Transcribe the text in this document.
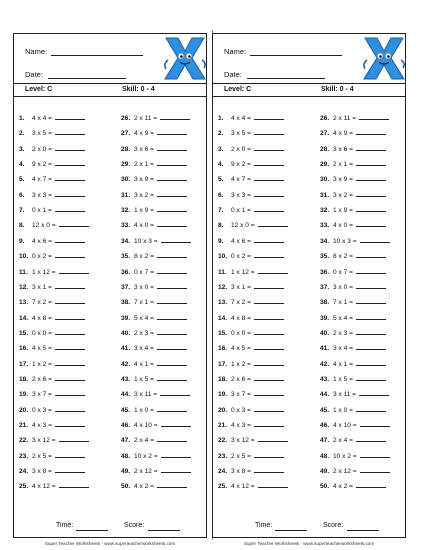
Name:
Date:
Level: C	Skill: 0 - 4
1. 4 x 4 =
2. 3 x 5 =
3. 2 x 0 =
4. 9 x 2 =
5. 4 x 7 =
6. 3 x 3 =
7. 0 x 1 =
8. 12 x 0 =
9. 4 x 6 =
10. 0 x 2 =
11. 1 x 12 =
12. 3 x 1 =
13. 7 x 2 =
14. 4 x 8 =
15. 0 x 0 =
16. 4 x 5 =
17. 1 x 2 =
18. 2 x 6 =
19. 3 x 7 =
20. 0 x 3 =
21. 4 x 3 =
22. 3 x 12 =
23. 2 x 5 =
24. 3 x 8 =
25. 4 x 12 =
26. 2 x 11 =
27. 4 x 9 =
28. 3 x 6 =
29. 2 x 1 =
30. 3 x 9 =
31. 3 x 2 =
32. 1 x 9 =
33. 4 x 0 =
34. 10 x 3 =
35. 8 x 2 =
36. 0 x 7 =
37. 3 x 0 =
38. 7 x 1 =
39. 5 x 4 =
40. 2 x 3 =
41. 3 x 4 =
42. 4 x 1 =
43. 1 x 5 =
44. 3 x 11 =
45. 1 x 0 =
46. 4 x 10 =
47. 2 x 4 =
48. 10 x 2 =
49. 2 x 12 =
50. 4 x 2 =
Time:	Score:
Super Teacher Worksheets - www.superteacherworksheets.com
Name:
Date:
Level: C	Skill: 0 - 4
1. 4 x 4 =
2. 3 x 5 =
3. 2 x 0 =
4. 9 x 2 =
5. 4 x 7 =
6. 3 x 3 =
7. 0 x 1 =
8. 12 x 0 =
9. 4 x 6 =
10. 0 x 2 =
11. 1 x 12 =
12. 3 x 1 =
13. 7 x 2 =
14. 4 x 8 =
15. 0 x 0 =
16. 4 x 5 =
17. 1 x 2 =
18. 2 x 6 =
19. 3 x 7 =
20. 0 x 3 =
21. 4 x 3 =
22. 3 x 12 =
23. 2 x 5 =
24. 3 x 8 =
25. 4 x 12 =
26. 2 x 11 =
27. 4 x 9 =
28. 3 x 6 =
29. 2 x 1 =
30. 3 x 9 =
31. 3 x 2 =
32. 1 x 9 =
33. 4 x 0 =
34. 10 x 3 =
35. 8 x 2 =
36. 0 x 7 =
37. 3 x 0 =
38. 7 x 1 =
39. 5 x 4 =
40. 2 x 3 =
41. 3 x 4 =
42. 4 x 1 =
43. 1 x 5 =
44. 3 x 11 =
45. 1 x 0 =
46. 4 x 10 =
47. 2 x 4 =
48. 10 x 2 =
49. 2 x 12 =
50. 4 x 2 =
Time:	Score:
Super Teacher Worksheets - www.superteacherworksheets.com
